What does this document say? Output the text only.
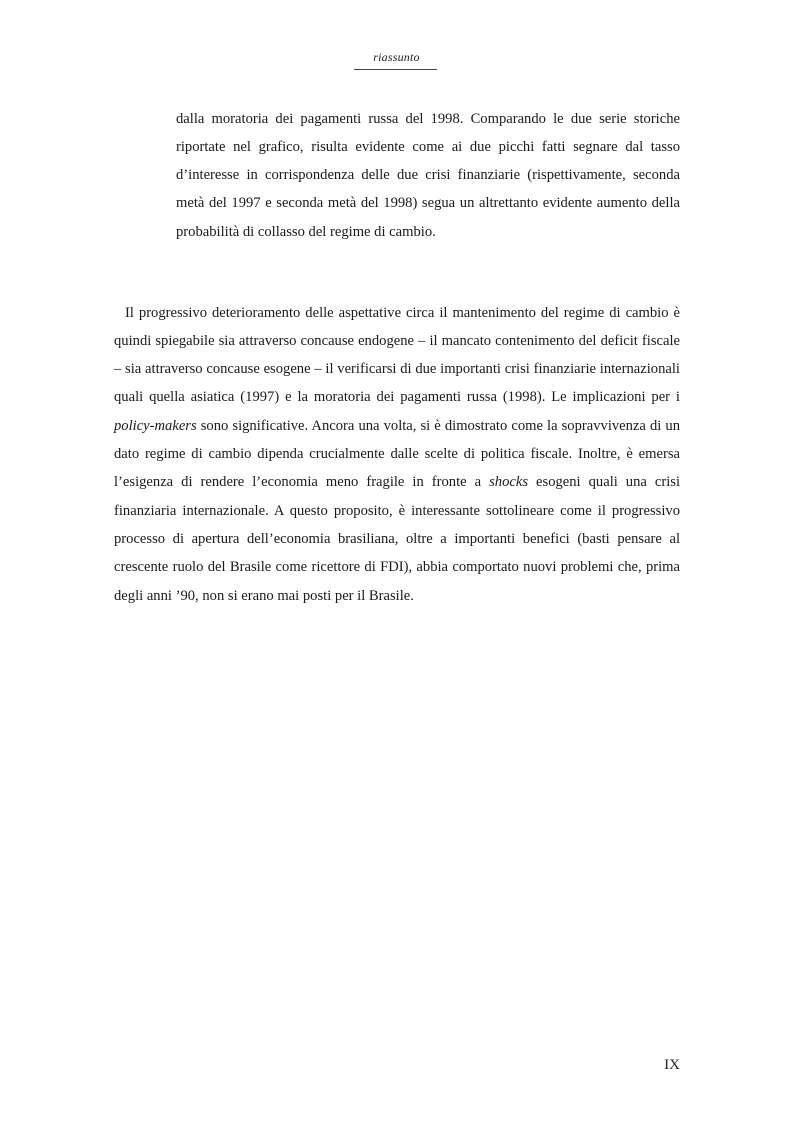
riassunto

dalla moratoria dei pagamenti russa del 1998. Comparando le due serie storiche riportate nel grafico, risulta evidente come ai due picchi fatti segnare dal tasso d’interesse in corrispondenza delle due crisi finanziarie (rispettivamente, seconda metà del 1997 e seconda metà del 1998) segua un altrettanto evidente aumento della probabilità di collasso del regime di cambio.

Il progressivo deterioramento delle aspettative circa il mantenimento del regime di cambio è quindi spiegabile sia attraverso concause endogene – il mancato contenimento del deficit fiscale – sia attraverso concause esogene – il verificarsi di due importanti crisi finanziarie internazionali quali quella asiatica (1997) e la moratoria dei pagamenti russa (1998). Le implicazioni per i policy-makers sono significative. Ancora una volta, si è dimostrato come la sopravvivenza di un dato regime di cambio dipenda crucialmente dalle scelte di politica fiscale. Inoltre, è emersa l’esigenza di rendere l’economia meno fragile in fronte a shocks esogeni quali una crisi finanziaria internazionale. A questo proposito, è interessante sottolineare come il progressivo processo di apertura dell’economia brasiliana, oltre a importanti benefici (basti pensare al crescente ruolo del Brasile come ricettore di FDI), abbia comportato nuovi problemi che, prima degli anni ’90, non si erano mai posti per il Brasile.

IX
